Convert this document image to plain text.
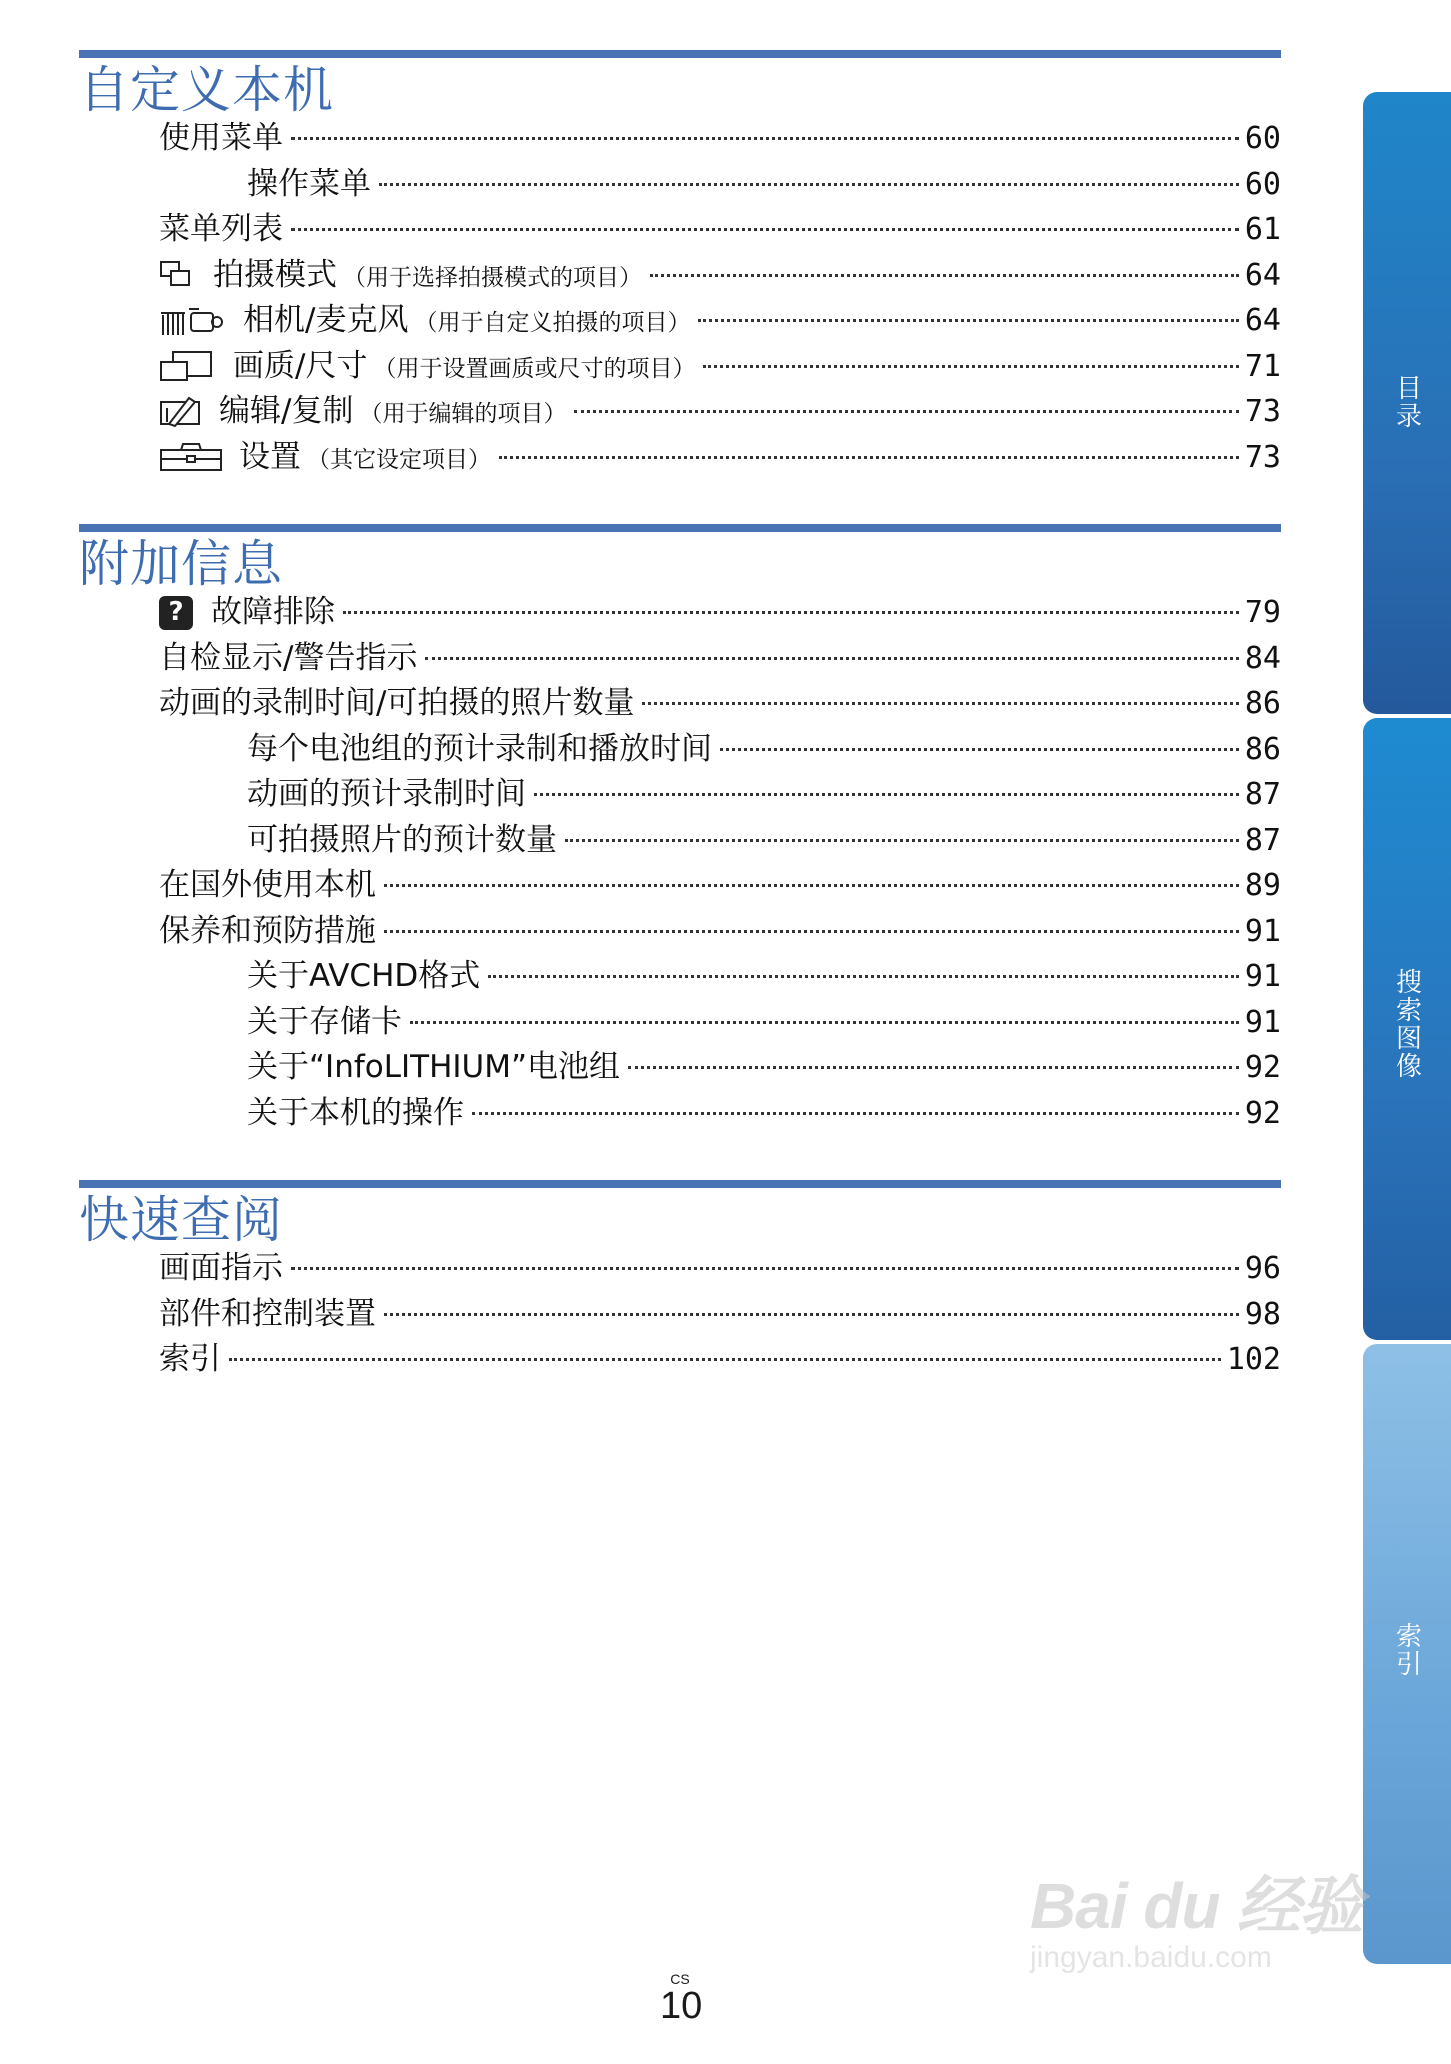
自定义本机
使用菜单	60
操作菜单	60
菜单列表	61
拍摄模式 （用于选择拍摄模式的项目）	64
相机/麦克风 （用于自定义拍摄的项目）	64
画质/尺寸 （用于设置画质或尺寸的项目）	71
编辑/复制 （用于编辑的项目）	73
设置 （其它设定项目）	73
附加信息
? 故障排除	79
自检显示/警告指示	84
动画的录制时间/可拍摄的照片数量	86
每个电池组的预计录制和播放时间	86
动画的预计录制时间	87
可拍摄照片的预计数量	87
在国外使用本机	89
保养和预防措施	91
关于AVCHD格式	91
关于存储卡	91
关于“InfoLITHIUM”电池组	92
关于本机的操作	92
快速查阅
画面指示	96
部件和控制装置	98
索引	102
目录
搜索图像
索引
CS
10
Bai du 经验
jingyan.baidu.com
